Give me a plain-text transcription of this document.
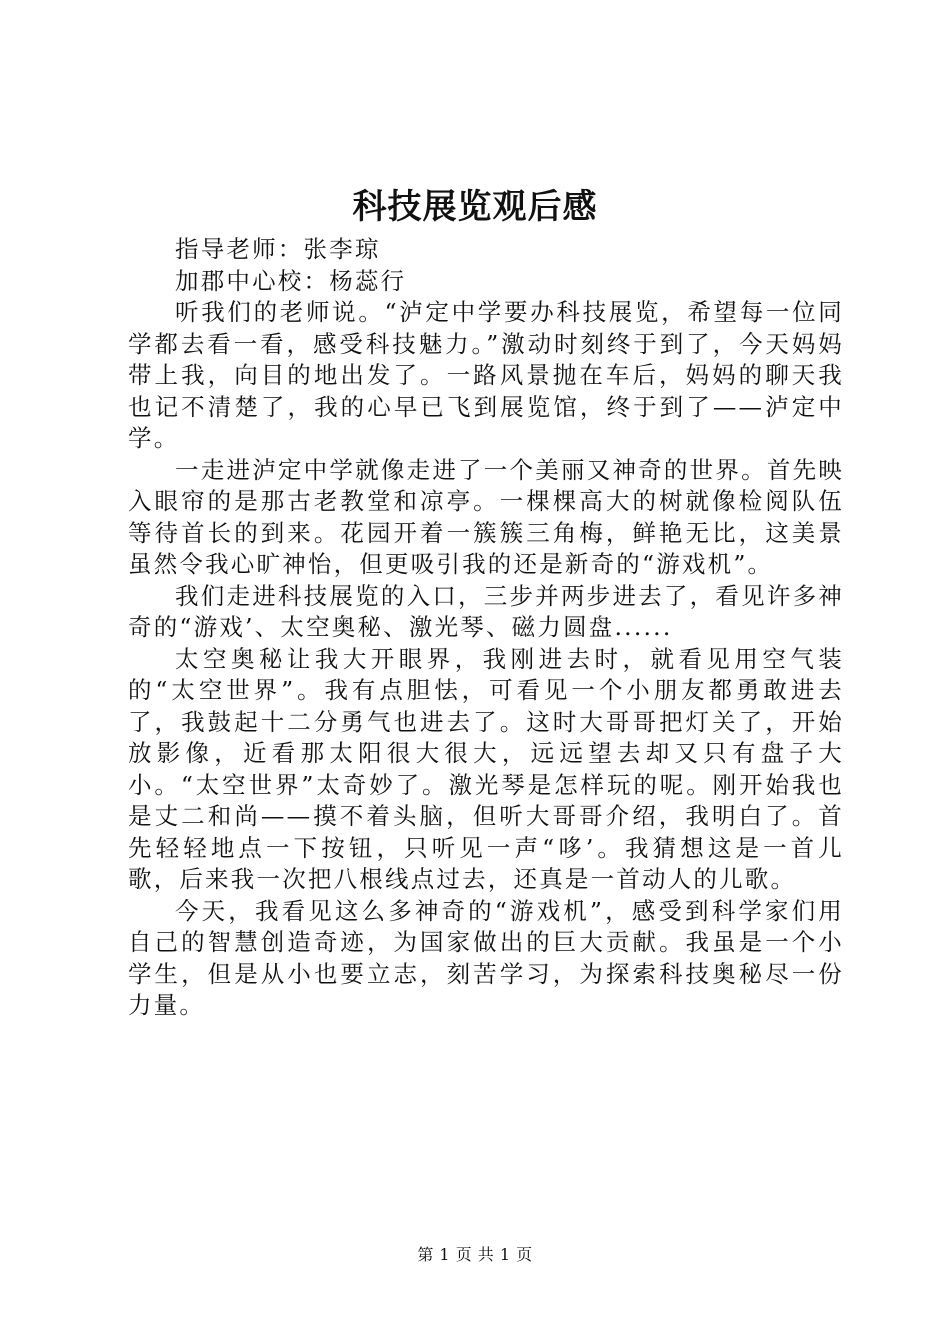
科技展览观后感

指导老师：张李琼

加郡中心校：杨蕊行

听我们的老师说。“泸定中学要办科技展览，希望每一位同学都去看一看，感受科技魅力。”激动时刻终于到了，今天妈妈带上我，向目的地出发了。一路风景抛在车后，妈妈的聊天我也记不清楚了，我的心早已飞到展览馆，终于到了——泸定中学。

一走进泸定中学就像走进了一个美丽又神奇的世界。首先映入眼帘的是那古老教堂和凉亭。一棵棵高大的树就像检阅队伍等待首长的到来。花园开着一簇簇三角梅，鲜艳无比，这美景虽然令我心旷神怡，但更吸引我的还是新奇的“游戏机”。

我们走进科技展览的入口，三步并两步进去了，看见许多神奇的“游戏’、太空奥秘、激光琴、磁力圆盘......

太空奥秘让我大开眼界，我刚进去时，就看见用空气装的“太空世界”。我有点胆怯，可看见一个小朋友都勇敢进去了，我鼓起十二分勇气也进去了。这时大哥哥把灯关了，开始放影像，近看那太阳很大很大，远远望去却又只有盘子大小。“太空世界”太奇妙了。激光琴是怎样玩的呢。刚开始我也是丈二和尚——摸不着头脑，但听大哥哥介绍，我明白了。首先轻轻地点一下按钮，只听见一声“哆’。我猜想这是一首儿歌，后来我一次把八根线点过去，还真是一首动人的儿歌。

今天，我看见这么多神奇的“游戏机”，感受到科学家们用自己的智慧创造奇迹，为国家做出的巨大贡献。我虽是一个小学生，但是从小也要立志，刻苦学习，为探索科技奥秘尽一份力量。

第 1 页 共 1 页
